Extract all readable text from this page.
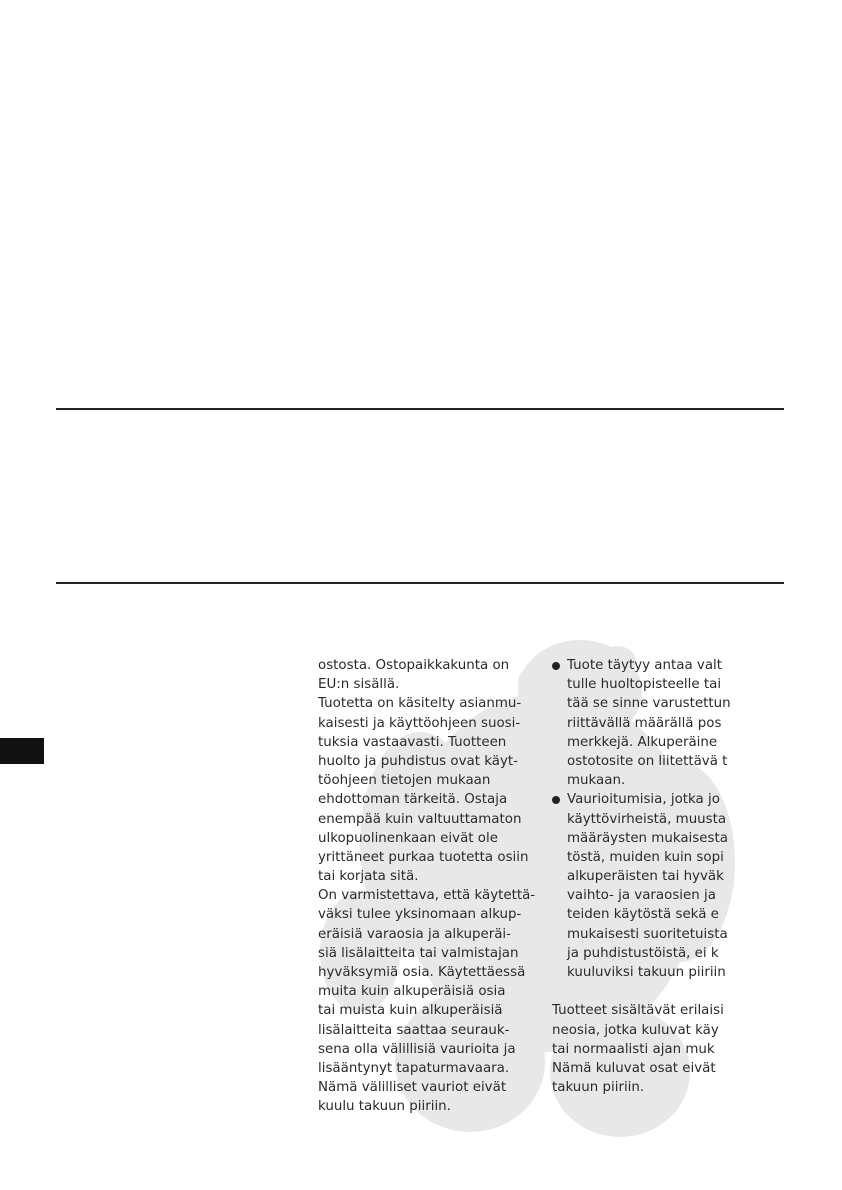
ostosta. Ostopaikkakunta on
EU:n sisällä.
Tuotetta on käsitelty asianmu-
kaisesti ja käyttöohjeen suosi-
tuksia vastaavasti. Tuotteen
huolto ja puhdistus ovat käyt-
töohjeen tietojen mukaan
ehdottoman tärkeitä. Ostaja
enempää kuin valtuuttamaton
ulkopuolinenkaan eivät ole
yrittäneet purkaa tuotetta osiin
tai korjata sitä.
On varmistettava, että käytettä-
väksi tulee yksinomaan alkup-
eräisiä varaosia ja alkuperäi-
siä lisälaitteita tai valmistajan
hyväksymiä osia. Käytettäessä
muita kuin alkuperäisiä osia
tai muista kuin alkuperäisiä
lisälaitteita saattaa seurauk-
sena olla välillisiä vaurioita ja
lisääntynyt tapaturmavaara.
Nämä välilliset vauriot eivät
kuulu takuun piiriin.
Tuote täytyy antaa valt
tulle huoltopisteelle tai
tää se sinne varustettun
riittävällä määrällä pos
merkkejä. Alkuperäine
ostotosite on liitettävä t
mukaan.
Vaurioitumisia, jotka jo
käyttövirheistä, muusta
määräysten mukaisesta
töstä, muiden kuin sopi
alkuperäisten tai hyväk
vaihto- ja varaosien ja
teiden käytöstä sekä e
mukaisesti suoritetuista
ja puhdistustöistä, ei k
kuuluviksi takuun piiriin
Tuotteet sisältävät erilaisi
neosia, jotka kuluvat käy
tai normaalisti ajan muk
Nämä kuluvat osat eivät
takuun piiriin.
